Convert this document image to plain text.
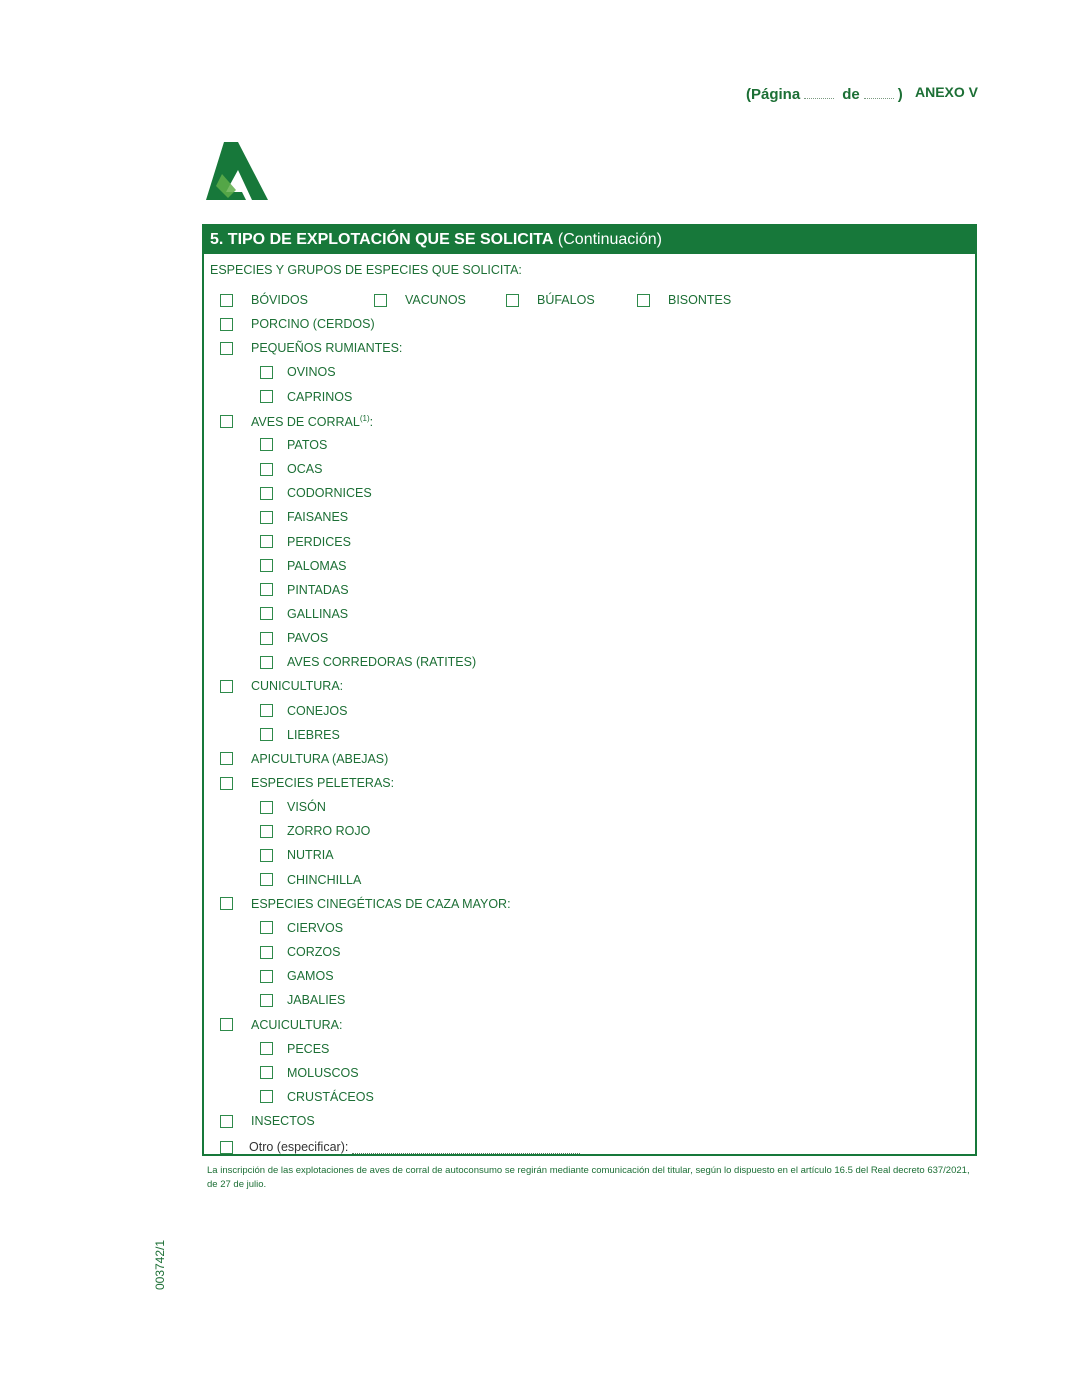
(Página	de	) ANEXO V
5. TIPO DE EXPLOTACIÓN QUE SE SOLICITA (Continuación)
ESPECIES Y GRUPOS DE ESPECIES QUE SOLICITA:
BÓVIDOS	VACUNOS	BÚFALOS	BISONTES
PORCINO (CERDOS)
PEQUEÑOS RUMIANTES:
OVINOS
CAPRINOS
AVES DE CORRAL$^{(1)}$:
PATOS
OCAS
CODORNICES
FAISANES
PERDICES
PALOMAS
PINTADAS
GALLINAS
PAVOS
AVES CORREDORAS (RATITES)
CUNICULTURA:
CONEJOS
LIEBRES
APICULTURA (ABEJAS)
ESPECIES PELETERAS:
VISÓN
ZORRO ROJO
NUTRIA
CHINCHILLA
ESPECIES CINEGÉTICAS DE CAZA MAYOR:
CIERVOS
CORZOS
GAMOS
JABALIES
ACUICULTURA:
PECES
MOLUSCOS
CRUSTÁCEOS
INSECTOS
Otro (especificar):
La inscripción de las explotaciones de aves de corral de autoconsumo se regirán mediante comunicación del titular, según lo dispuesto en el artículo 16.5 del Real decreto 637/2021, de 27 de julio.
003742/1
